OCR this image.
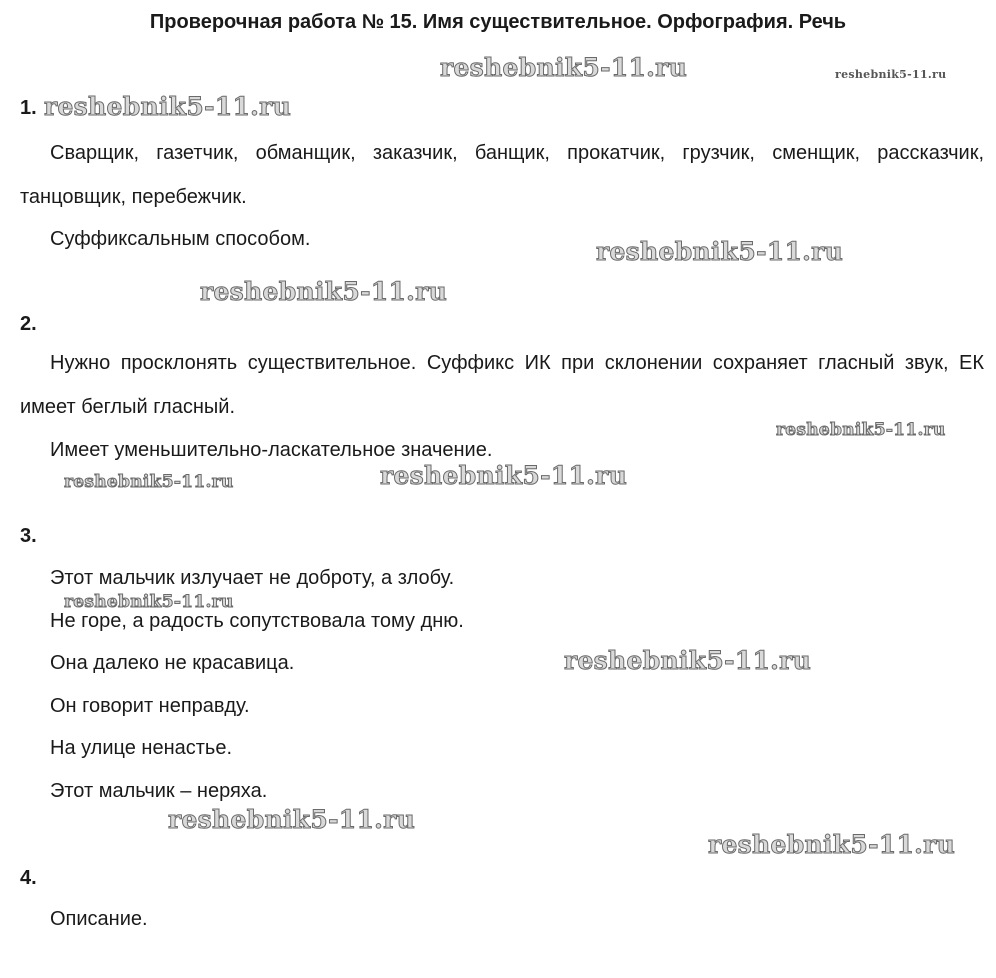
Проверочная работа № 15. Имя существительное. Орфография. Речь
reshebnik5-11.ru	reshebnik5-11.ru
reshebnik5-11.ru
reshebnik5-11.ru
reshebnik5-11.ru
reshebnik5-11.ru
reshebnik5-11.ru
reshebnik5-11.ru
reshebnik5-11.ru
reshebnik5-11.ru
reshebnik5-11.ru
1. reshebnik5-11.ru
Сварщик, газетчик, обманщик, заказчик, банщик, прокатчик, грузчик, сменщик, рассказчик, танцовщик, перебежчик.
Суффиксальным способом.
2.
Нужно просклонять существительное. Суффикс ИК при склонении сохраняет гласный звук, ЕК имеет беглый гласный.
Имеет уменьшительно-ласкательное значение.
3.
Этот мальчик излучает не доброту, а злобу.
Не горе, а радость сопутствовала тому дню.
Она далеко не красавица.
Он говорит неправду.
На улице ненастье.
Этот мальчик – неряха.
4.
Описание.
